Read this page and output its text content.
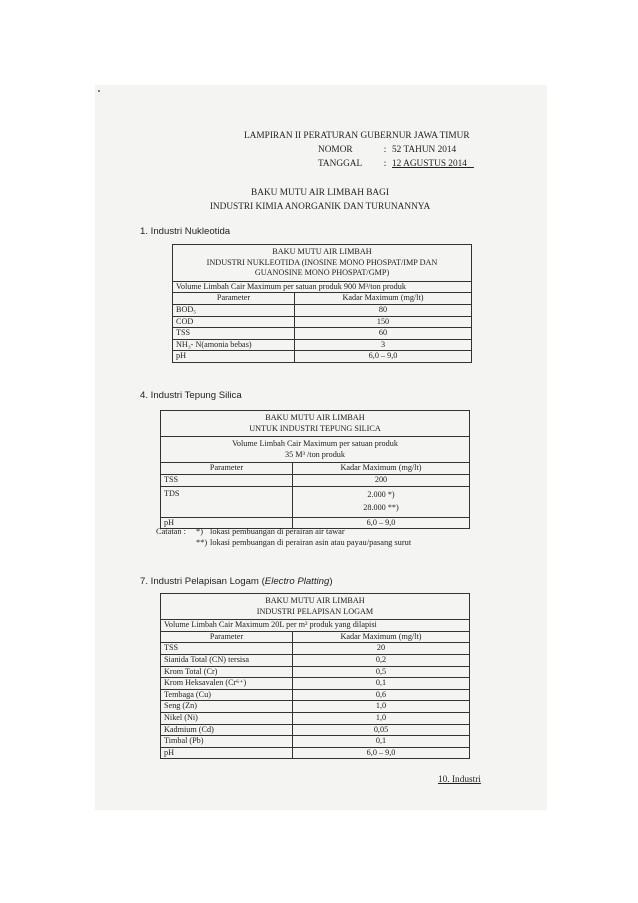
LAMPIRAN II PERATURAN GUBERNUR JAWA TIMUR
NOMOR	: 52 TAHUN 2014
TANGGAL : 12 AGUSTUS 2014
BAKU MUTU AIR LIMBAH BAGI
INDUSTRI KIMIA ANORGANIK DAN TURUNANNYA
1. Industri Nukleotida
BAKU MUTU AIR LIMBAH
INDUSTRI NUKLEOTIDA (INOSINE MONO PHOSPAT/IMP DAN
GUANOSINE MONO PHOSPAT/GMP)	

Volume Limbah Cair Maximum per satuan produk 900 M³/ton produk	
Parameter	Kadar Maximum (mg/lt)
BOD₅	80
COD	150
TSS	60
NH₃- N(amonia bebas)	3
pH	6,0 – 9,0
4. Industri Tepung Silica
BAKU MUTU AIR LIMBAH
UNTUK INDUSTRI TEPUNG SILICA	

Volume Limbah Cair Maximum per satuan produk
35 M³ /ton produk	

Parameter	Kadar Maximum (mg/lt)
TSS	200
TDS	2.000 *)
28.000 **)

pH	6,0 – 9,0
Catatan :	*) lokasi pembuangan di perairan air tawar
**) lokasi pembuangan di perairan asin atau payau/pasang surut
7. Industri Pelapisan Logam (Electro Platting)
BAKU MUTU AIR LIMBAH
INDUSTRI PELAPISAN LOGAM	

Volume Limbah Cair Maximum 20L per m² produk yang dilapisi	
Parameter	Kadar Maximum (mg/lt)
TSS	20
Sianida Total (CN) tersisa	0,2
Krom Total (Cr)	0,5
Krom Heksavalen (Cr⁶⁺)	0,1
Tembaga (Cu)	0,6
Seng (Zn)	1,0
Nikel (Ni)	1,0
Kadmium (Cd)	0,05
Timbal (Pb)	0,1
pH	6,0 – 9,0
10. Industri
